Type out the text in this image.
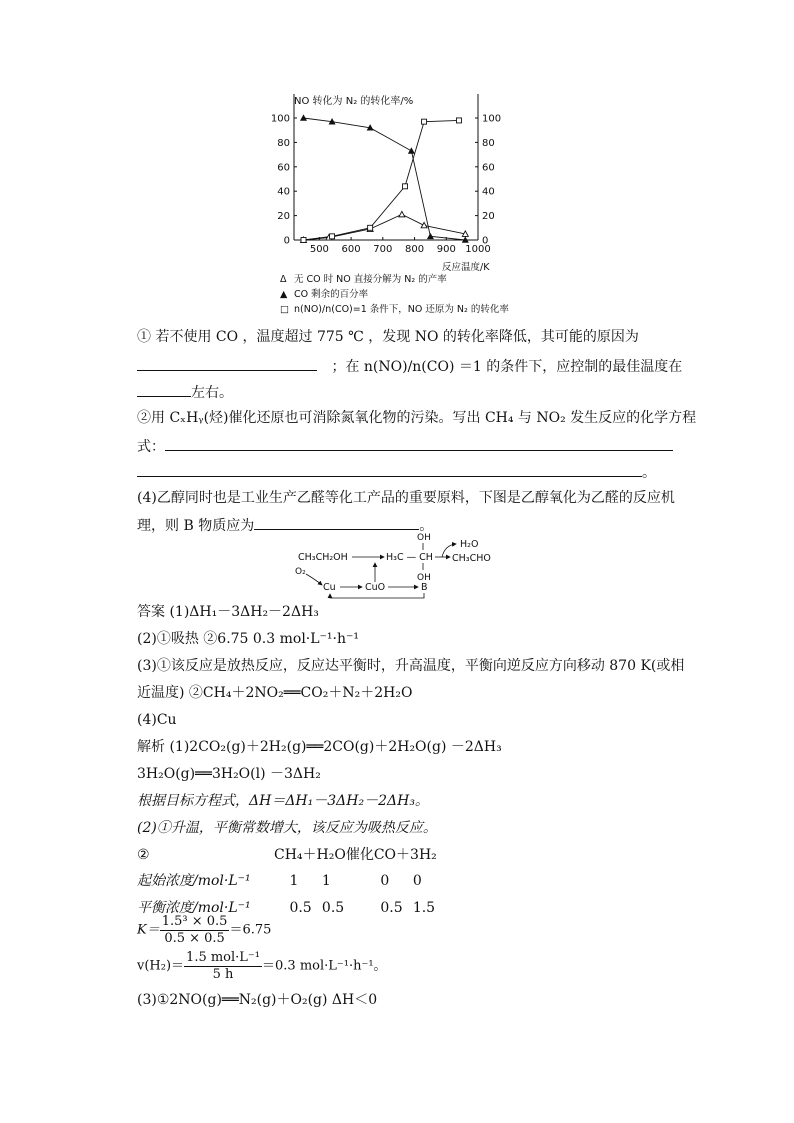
NO 转化为 N₂ 的转化率/%
0
20
40
60
80
100
0
20
40
60
80
100
500 600 700 800 900 1000
反应温度/K
Δ 无 CO 时 NO 直接分解为 N₂ 的产率
▲ CO 剩余的百分率
□ n(NO)/n(CO)=1 条件下，NO 还原为 N₂ 的转化率
① 若不使用 CO ，温度超过 775 ℃ ，发现 NO 的转化率降低，其可能的原因为
；在 n(NO)/n(CO) ＝1 的条件下，应控制的最佳温度在
左右。
②用 CₓHᵧ(烃)催化还原也可消除氮氧化物的污染。写出 CH₄ 与 NO₂ 发生反应的化学方程
式：
。
(4)乙醇同时也是工业生产乙醛等化工产品的重要原料，下图是乙醇氧化为乙醛的反应机
理，则 B 物质应为	。
OH
CH₃CH₂OH	H₃C — CH
OH
H₂O
CH₃CHO
O₂
Cu	CuO	B
答案 (1)ΔH₁－3ΔH₂－2ΔH₃
(2)①吸热 ②6.75 0.3 mol·L⁻¹·h⁻¹
(3)①该反应是放热反应，反应达平衡时，升高温度，平衡向逆反应方向移动 870 K(或相
近温度) ②CH₄＋2NO₂══CO₂＋N₂＋2H₂O
(4)Cu
解析 (1)2CO₂(g)＋2H₂(g)══2CO(g)＋2H₂O(g) －2ΔH₃
3H₂O(g)══3H₂O(l) －3ΔH₂
根据目标方程式，ΔH＝ΔH₁－3ΔH₂－2ΔH₃。
(2)①升温，平衡常数增大，该反应为吸热反应。
②	CH₄＋H₂O催化CO＋3H₂
起始浓度/mol·L⁻¹	1 1	0 0
平衡浓度/mol·L⁻¹	0.5 0.5	0.5 1.5
$K= \frac{\text{1.5³ × 0.5}}{0.5 \times 0.5} =6.75$
$v(H_2)= \frac{\text{1.5 mol·L⁻¹}}{5 h} =0.3$ mol·L⁻¹·h⁻¹。
(3)①2NO(g)══N₂(g)＋O₂(g) ΔH＜0
